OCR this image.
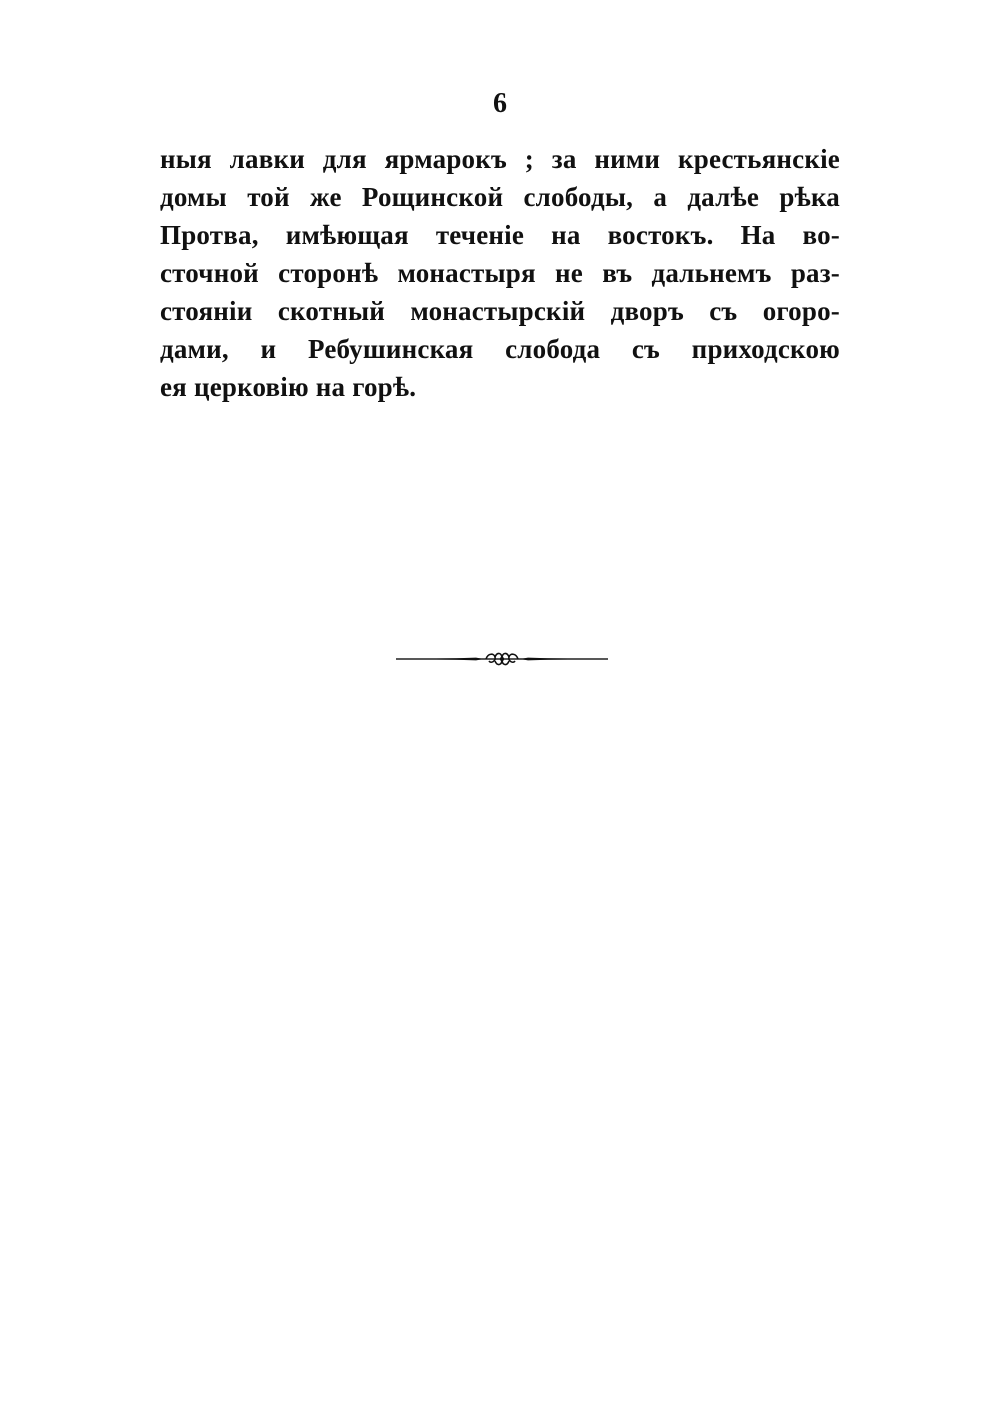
6
ныя лавки для ярмарокъ ; за ними крестьянскіе
домы той же Рощинской слободы, а далѣе рѣка
Протва, имѣющая теченіе на востокъ. На во-
сточной сторонѣ монастыря не въ дальнемъ раз-
стояніи скотный монастырскій дворъ съ огоро-
дами, и Ребушинская слобода съ приходскою
ея церковію на горѣ.
